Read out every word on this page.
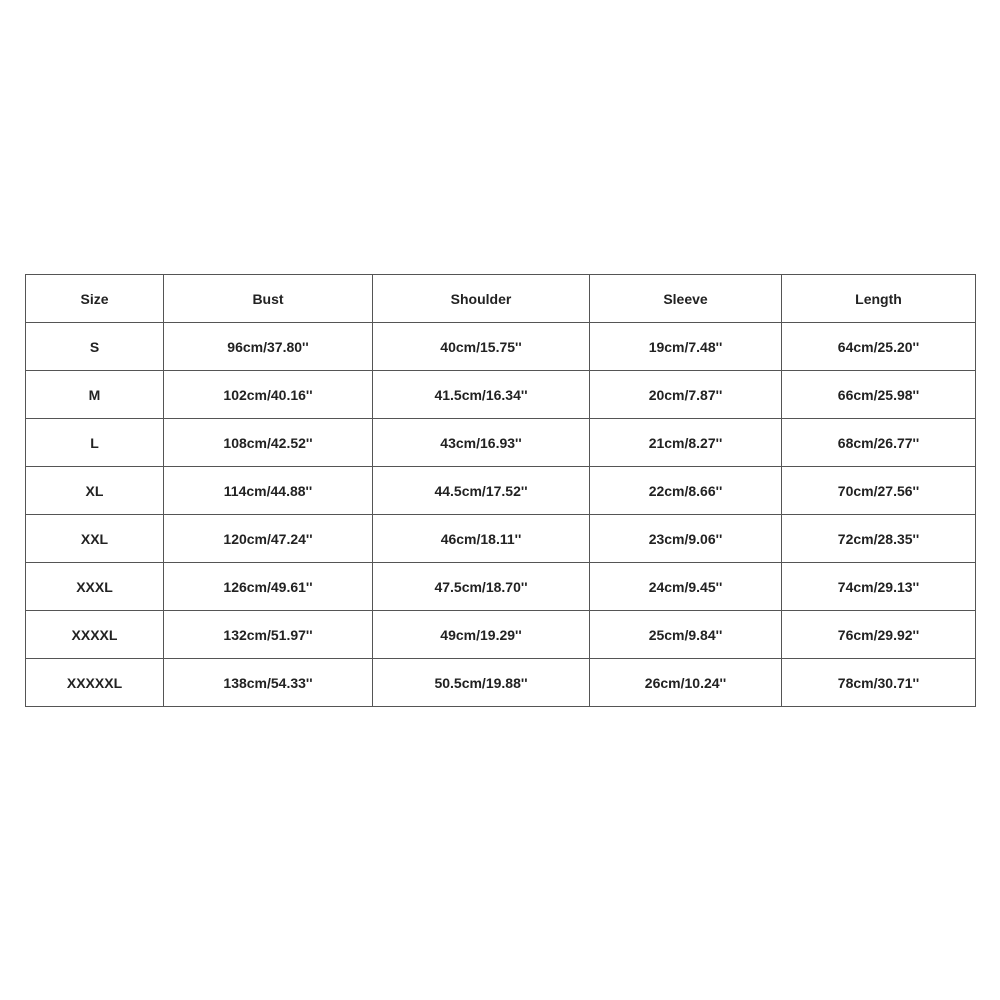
Size	Bust	Shoulder	Sleeve	Length
S	96cm/37.80''	40cm/15.75''	19cm/7.48''	64cm/25.20''
M	102cm/40.16''	41.5cm/16.34''	20cm/7.87''	66cm/25.98''
L	108cm/42.52''	43cm/16.93''	21cm/8.27''	68cm/26.77''
XL	114cm/44.88''	44.5cm/17.52''	22cm/8.66''	70cm/27.56''
XXL	120cm/47.24''	46cm/18.11''	23cm/9.06''	72cm/28.35''
XXXL	126cm/49.61''	47.5cm/18.70''	24cm/9.45''	74cm/29.13''
XXXXL	132cm/51.97''	49cm/19.29''	25cm/9.84''	76cm/29.92''
XXXXXL	138cm/54.33''	50.5cm/19.88''	26cm/10.24''	78cm/30.71''
